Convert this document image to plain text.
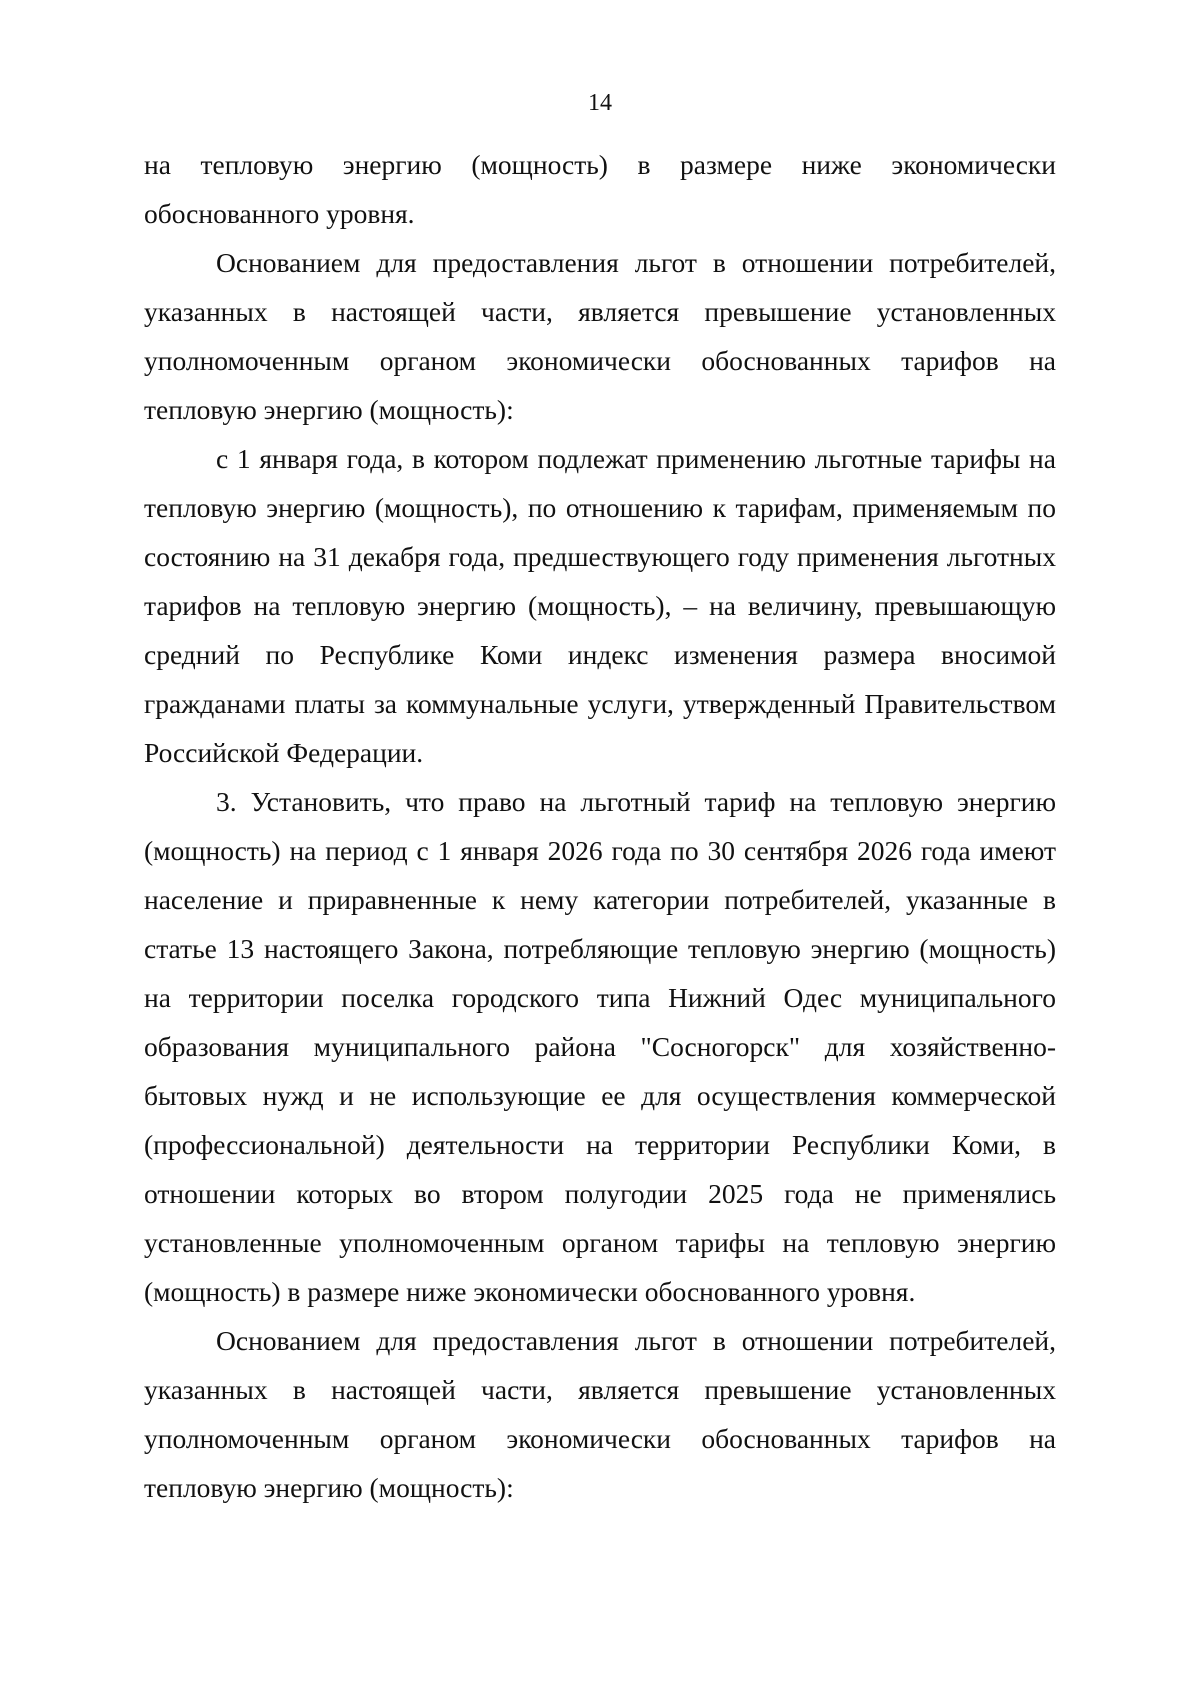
14

на тепловую энергию (мощность) в размере ниже экономически обоснованного уровня.

Основанием для предоставления льгот в отношении потребителей, указанных в настоящей части, является превышение установленных уполномоченным органом экономически обоснованных тарифов на тепловую энергию (мощность):

с 1 января года, в котором подлежат применению льготные тарифы на тепловую энергию (мощность), по отношению к тарифам, применяемым по состоянию на 31 декабря года, предшествующего году применения льготных тарифов на тепловую энергию (мощность), – на величину, превышающую средний по Республике Коми индекс изменения размера вносимой гражданами платы за коммунальные услуги, утвержденный Правительством Российской Федерации.

3. Установить, что право на льготный тариф на тепловую энергию (мощность) на период с 1 января 2026 года по 30 сентября 2026 года имеют население и приравненные к нему категории потребителей, указанные в статье 13 настоящего Закона, потребляющие тепловую энергию (мощность) на территории поселка городского типа Нижний Одес муниципального образования муниципального района "Сосногорск" для хозяйственно-бытовых нужд и не использующие ее для осуществления коммерческой (профессиональной) деятельности на территории Республики Коми, в отношении которых во втором полугодии 2025 года не применялись установленные уполномоченным органом тарифы на тепловую энергию (мощность) в размере ниже экономически обоснованного уровня.

Основанием для предоставления льгот в отношении потребителей, указанных в настоящей части, является превышение установленных уполномоченным органом экономически обоснованных тарифов на тепловую энергию (мощность):
